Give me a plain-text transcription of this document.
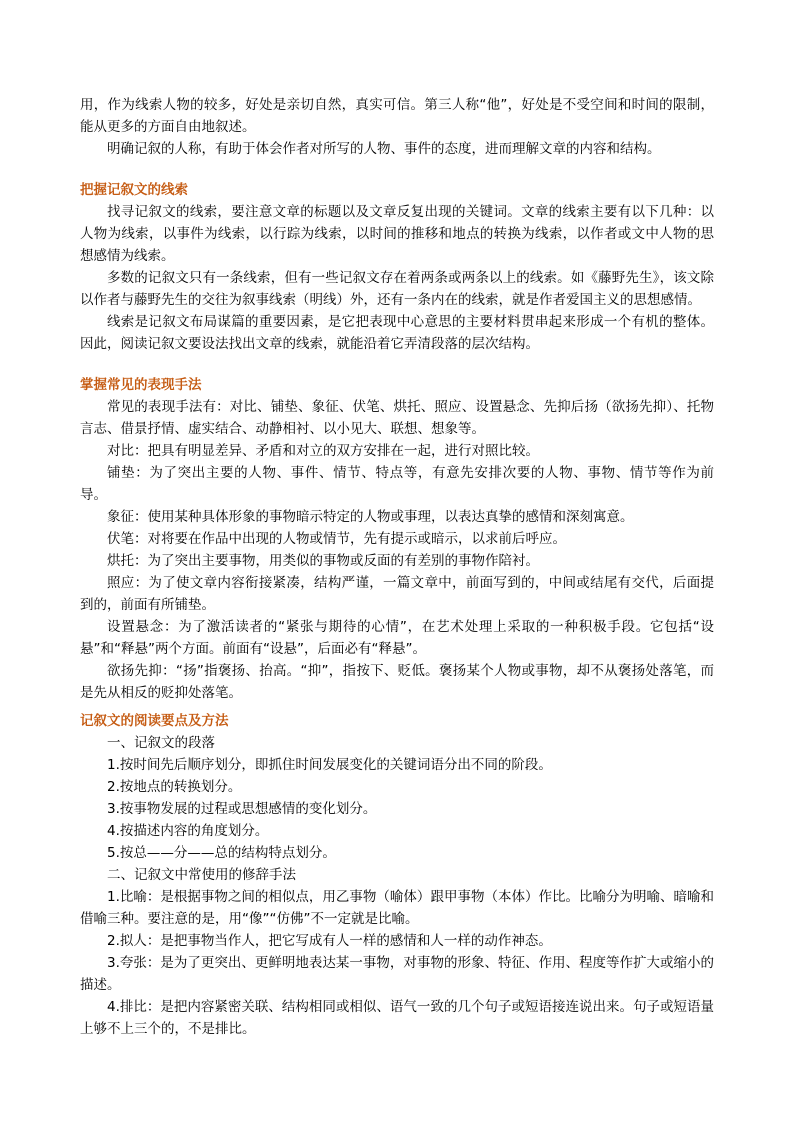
用，作为线索人物的较多，好处是亲切自然，真实可信。第三人称“他”，好处是不受空间和时间的限制，能从更多的方面自由地叙述。

明确记叙的人称，有助于体会作者对所写的人物、事件的态度，进而理解文章的内容和结构。

把握记叙文的线索

找寻记叙文的线索，要注意文章的标题以及文章反复出现的关键词。文章的线索主要有以下几种：以人物为线索，以事件为线索，以行踪为线索，以时间的推移和地点的转换为线索，以作者或文中人物的思想感情为线索。

多数的记叙文只有一条线索，但有一些记叙文存在着两条或两条以上的线索。如《藤野先生》，该文除以作者与藤野先生的交往为叙事线索（明线）外，还有一条内在的线索，就是作者爱国主义的思想感情。

线索是记叙文布局谋篇的重要因素，是它把表现中心意思的主要材料贯串起来形成一个有机的整体。因此，阅读记叙文要设法找出文章的线索，就能沿着它弄清段落的层次结构。

掌握常见的表现手法

常见的表现手法有：对比、铺垫、象征、伏笔、烘托、照应、设置悬念、先抑后扬（欲扬先抑）、托物言志、借景抒情、虚实结合、动静相衬、以小见大、联想、想象等。

对比：把具有明显差异、矛盾和对立的双方安排在一起，进行对照比较。

铺垫：为了突出主要的人物、事件、情节、特点等，有意先安排次要的人物、事物、情节等作为前导。

象征：使用某种具体形象的事物暗示特定的人物或事理，以表达真挚的感情和深刻寓意。

伏笔：对将要在作品中出现的人物或情节，先有提示或暗示，以求前后呼应。

烘托：为了突出主要事物，用类似的事物或反面的有差别的事物作陪衬。

照应：为了使文章内容衔接紧凑，结构严谨，一篇文章中，前面写到的，中间或结尾有交代，后面提到的，前面有所铺垫。

设置悬念：为了激活读者的“紧张与期待的心情”，在艺术处理上采取的一种积极手段。它包括“设悬”和“释悬”两个方面。前面有“设悬”，后面必有“释悬”。

欲扬先抑：“扬”指褒扬、抬高。“抑”，指按下、贬低。褒扬某个人物或事物，却不从褒扬处落笔，而是先从相反的贬抑处落笔。

记叙文的阅读要点及方法

一、记叙文的段落

1.按时间先后顺序划分，即抓住时间发展变化的关键词语分出不同的阶段。

2.按地点的转换划分。

3.按事物发展的过程或思想感情的变化划分。

4.按描述内容的角度划分。

5.按总——分——总的结构特点划分。

二、记叙文中常使用的修辞手法

1.比喻：是根据事物之间的相似点，用乙事物（喻体）跟甲事物（本体）作比。比喻分为明喻、暗喻和借喻三种。要注意的是，用“像”“仿佛”不一定就是比喻。

2.拟人：是把事物当作人，把它写成有人一样的感情和人一样的动作神态。

3.夸张：是为了更突出、更鲜明地表达某一事物，对事物的形象、特征、作用、程度等作扩大或缩小的描述。

4.排比：是把内容紧密关联、结构相同或相似、语气一致的几个句子或短语接连说出来。句子或短语量上够不上三个的，不是排比。
